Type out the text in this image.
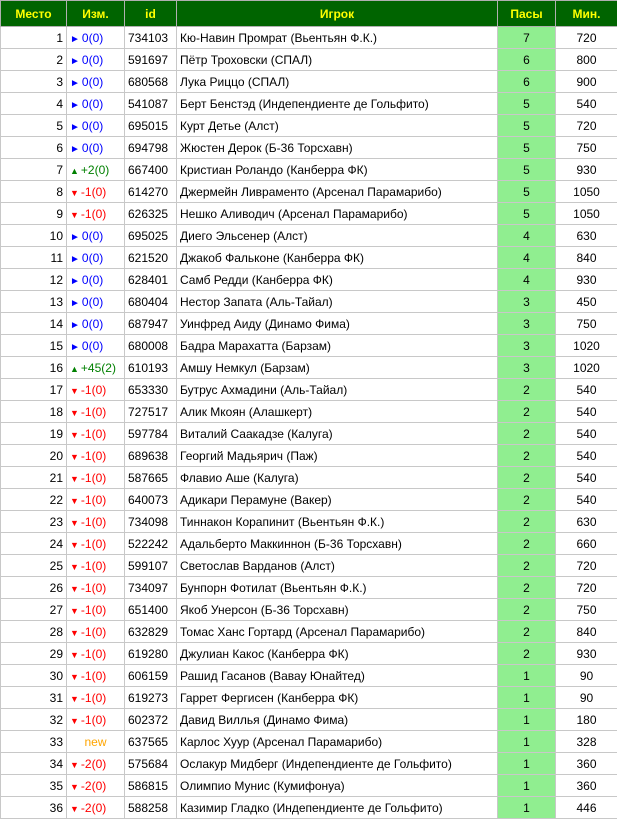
Место	Изм.	id	Игрок	Пасы	Мин.
1	► 0(0)	734103	Кю-Навин Промрат (Вьентьян Ф.К.)	7	720
2	► 0(0)	591697	Пётр Троховски (СПАЛ)	6	800
3	► 0(0)	680568	Лука Риццо (СПАЛ)	6	900
4	► 0(0)	541087	Берт Бенстэд (Индепендиенте де Гольфито)	5	540
5	► 0(0)	695015	Курт Детье (Алст)	5	720
6	► 0(0)	694798	Жюстен Дерок (Б-36 Торсхавн)	5	750
7	▲ +2(0)	667400	Кристиан Роландо (Канберра ФК)	5	930
8	▼ -1(0)	614270	Джермейн Ливраменто (Арсенал Парамарибо)	5	1050
9	▼ -1(0)	626325	Нешко Аливодич (Арсенал Парамарибо)	5	1050
10	► 0(0)	695025	Диего Эльсенер (Алст)	4	630
11	► 0(0)	621520	Джакоб Фальконе (Канберра ФК)	4	840
12	► 0(0)	628401	Самб Редди (Канберра ФК)	4	930
13	► 0(0)	680404	Нестор Запата (Аль-Тайал)	3	450
14	► 0(0)	687947	Уинфред Аиду (Динамо Фима)	3	750
15	► 0(0)	680008	Бадра Марахатта (Барзам)	3	1020
16	▲ +45(2)	610193	Амшу Немкул (Барзам)	3	1020
17	▼ -1(0)	653330	Бутрус Ахмадини (Аль-Тайал)	2	540
18	▼ -1(0)	727517	Алик Мкоян (Алашкерт)	2	540
19	▼ -1(0)	597784	Виталий Саакадзе (Калуга)	2	540
20	▼ -1(0)	689638	Георгий Мадьярич (Паж)	2	540
21	▼ -1(0)	587665	Флавио Аше (Калуга)	2	540
22	▼ -1(0)	640073	Адикари Перамуне (Вакер)	2	540
23	▼ -1(0)	734098	Тиннакон Корапинит (Вьентьян Ф.К.)	2	630
24	▼ -1(0)	522242	Адальберто Маккиннон (Б-36 Торсхавн)	2	660
25	▼ -1(0)	599107	Светослав Варданов (Алст)	2	720
26	▼ -1(0)	734097	Бунпорн Фотилат (Вьентьян Ф.К.)	2	720
27	▼ -1(0)	651400	Якоб Унерсон (Б-36 Торсхавн)	2	750
28	▼ -1(0)	632829	Томас Ханс Гортард (Арсенал Парамарибо)	2	840
29	▼ -1(0)	619280	Джулиан Какос (Канберра ФК)	2	930
30	▼ -1(0)	606159	Рашид Гасанов (Вавау Юнайтед)	1	90
31	▼ -1(0)	619273	Гаррет Фергисен (Канберра ФК)	1	90
32	▼ -1(0)	602372	Давид Виллья (Динамо Фима)	1	180
33	new	637565	Карлос Хуур (Арсенал Парамарибо)	1	328
34	▼ -2(0)	575684	Ослакур Мидберг (Индепендиенте де Гольфито)	1	360
35	▼ -2(0)	586815	Олимпио Мунис (Кумифонуа)	1	360
36	▼ -2(0)	588258	Казимир Гладко (Индепендиенте де Гольфито)	1	446
